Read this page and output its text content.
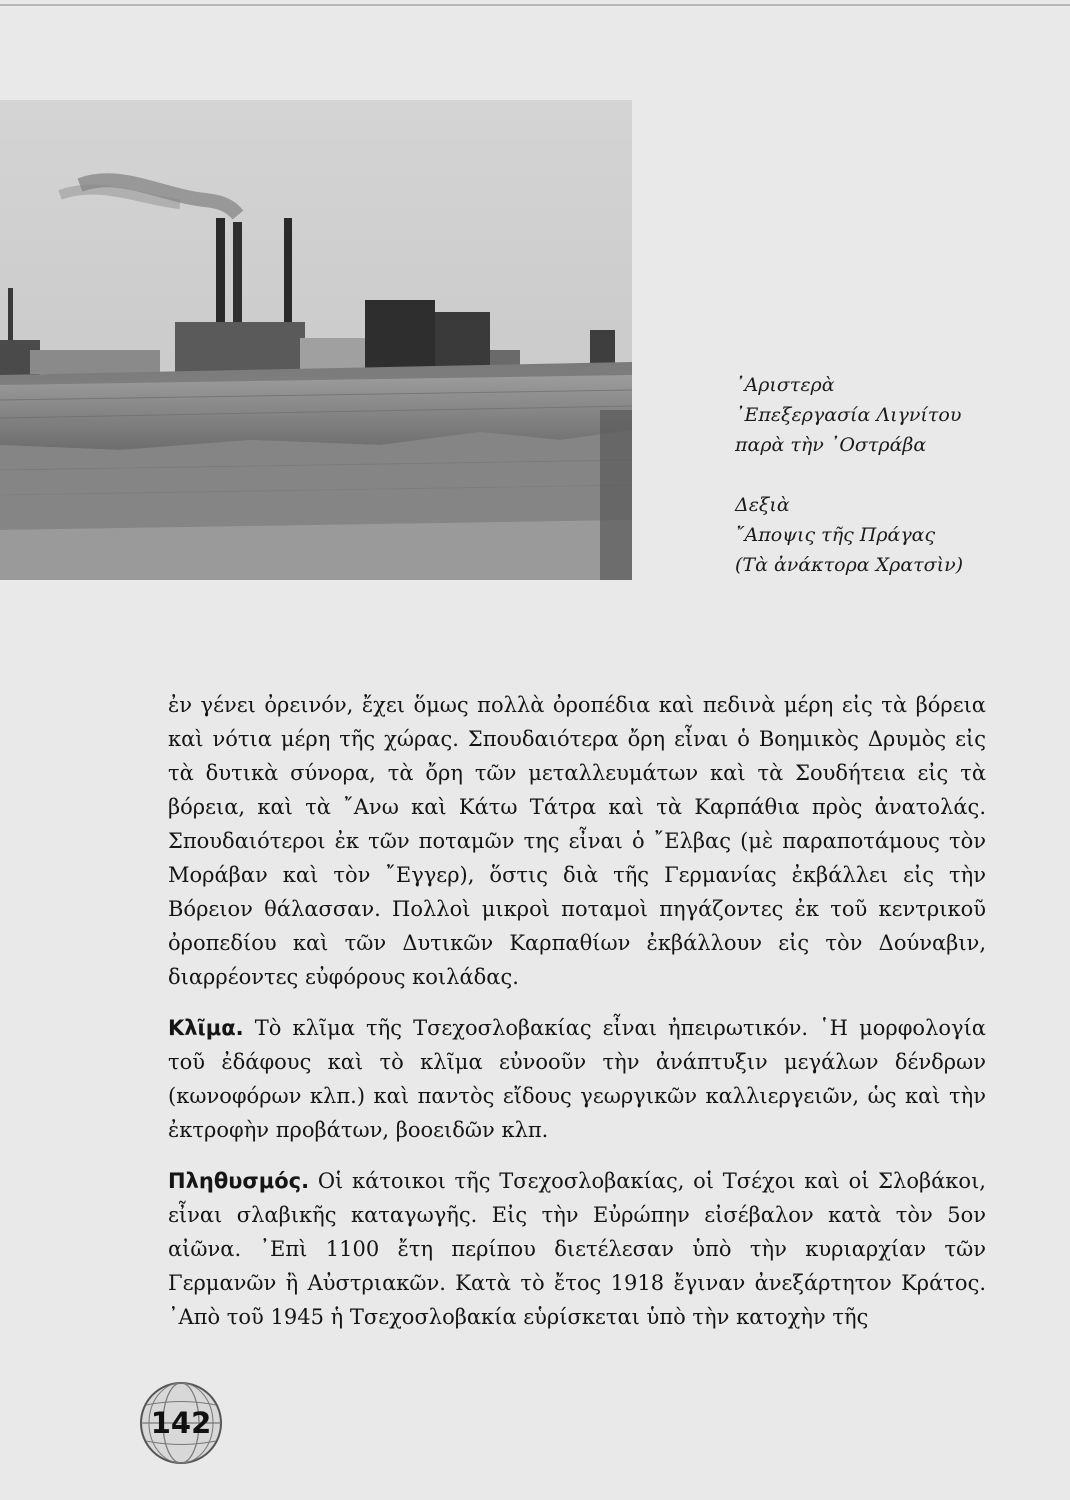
᾿Αριστερὰ

᾿Επεξεργασία Λιγνίτου

παρὰ τὴν ᾿Οστράβα

Δεξιὰ

῎Αποψις τῆς Πράγας

(Τὰ ἀνάκτορα Χρατσὶν)

ἐν γένει ὀρεινόν, ἔχει ὅμως πολλὰ ὀροπέδια καὶ πεδινὰ μέρη εἰς τὰ βόρεια καὶ νότια μέρη τῆς χώρας. Σπουδαιότερα ὄρη εἶναι ὁ Βοημικὸς Δρυμὸς εἰς τὰ δυτικὰ σύνορα, τὰ ὄρη τῶν μεταλλευμάτων καὶ τὰ Σουδήτεια εἰς τὰ βόρεια, καὶ τὰ ῎Ανω καὶ Κάτω Τάτρα καὶ τὰ Καρπάθια πρὸς ἀνατολάς. Σπουδαιότεροι ἐκ τῶν ποταμῶν της εἶναι ὁ ῎Ελβας (μὲ παραποτάμους τὸν Μοράβαν καὶ τὸν ῎Εγγερ), ὅστις διὰ τῆς Γερμανίας ἐκβάλλει εἰς τὴν Βόρειον θάλασσαν. Πολλοὶ μικροὶ ποταμοὶ πηγάζοντες ἐκ τοῦ κεντρικοῦ ὀροπεδίου καὶ τῶν Δυτικῶν Καρπαθίων ἐκβάλλουν εἰς τὸν Δούναβιν, διαρρέοντες εὐφόρους κοιλάδας.

Κλῖμα. Τὸ κλῖμα τῆς Τσεχοσλοβακίας εἶναι ἠπειρωτικόν. ῾Η μορφολογία τοῦ ἐδάφους καὶ τὸ κλῖμα εὐνοοῦν τὴν ἀνάπτυξιν μεγάλων δένδρων (κωνοφόρων κλπ.) καὶ παντὸς εἴδους γεωργικῶν καλλιεργειῶν, ὡς καὶ τὴν ἐκτροφὴν προβάτων, βοοειδῶν κλπ.

Πληθυσμός. Οἱ κάτοικοι τῆς Τσεχοσλοβακίας, οἱ Τσέχοι καὶ οἱ Σλοβάκοι, εἶναι σλαβικῆς καταγωγῆς. Εἰς τὴν Εὐρώπην εἰσέβαλον κατὰ τὸν 5ον αἰῶνα. ᾿Επὶ 1100 ἔτη περίπου διετέλεσαν ὑπὸ τὴν κυριαρχίαν τῶν Γερμανῶν ἢ Αὐστριακῶν. Κατὰ τὸ ἔτος 1918 ἔγιναν ἀνεξάρτητον Κράτος. ᾿Απὸ τοῦ 1945 ἡ Τσεχοσλοβακία εὑρίσκεται ὑπὸ τὴν κατοχὴν τῆς

142
